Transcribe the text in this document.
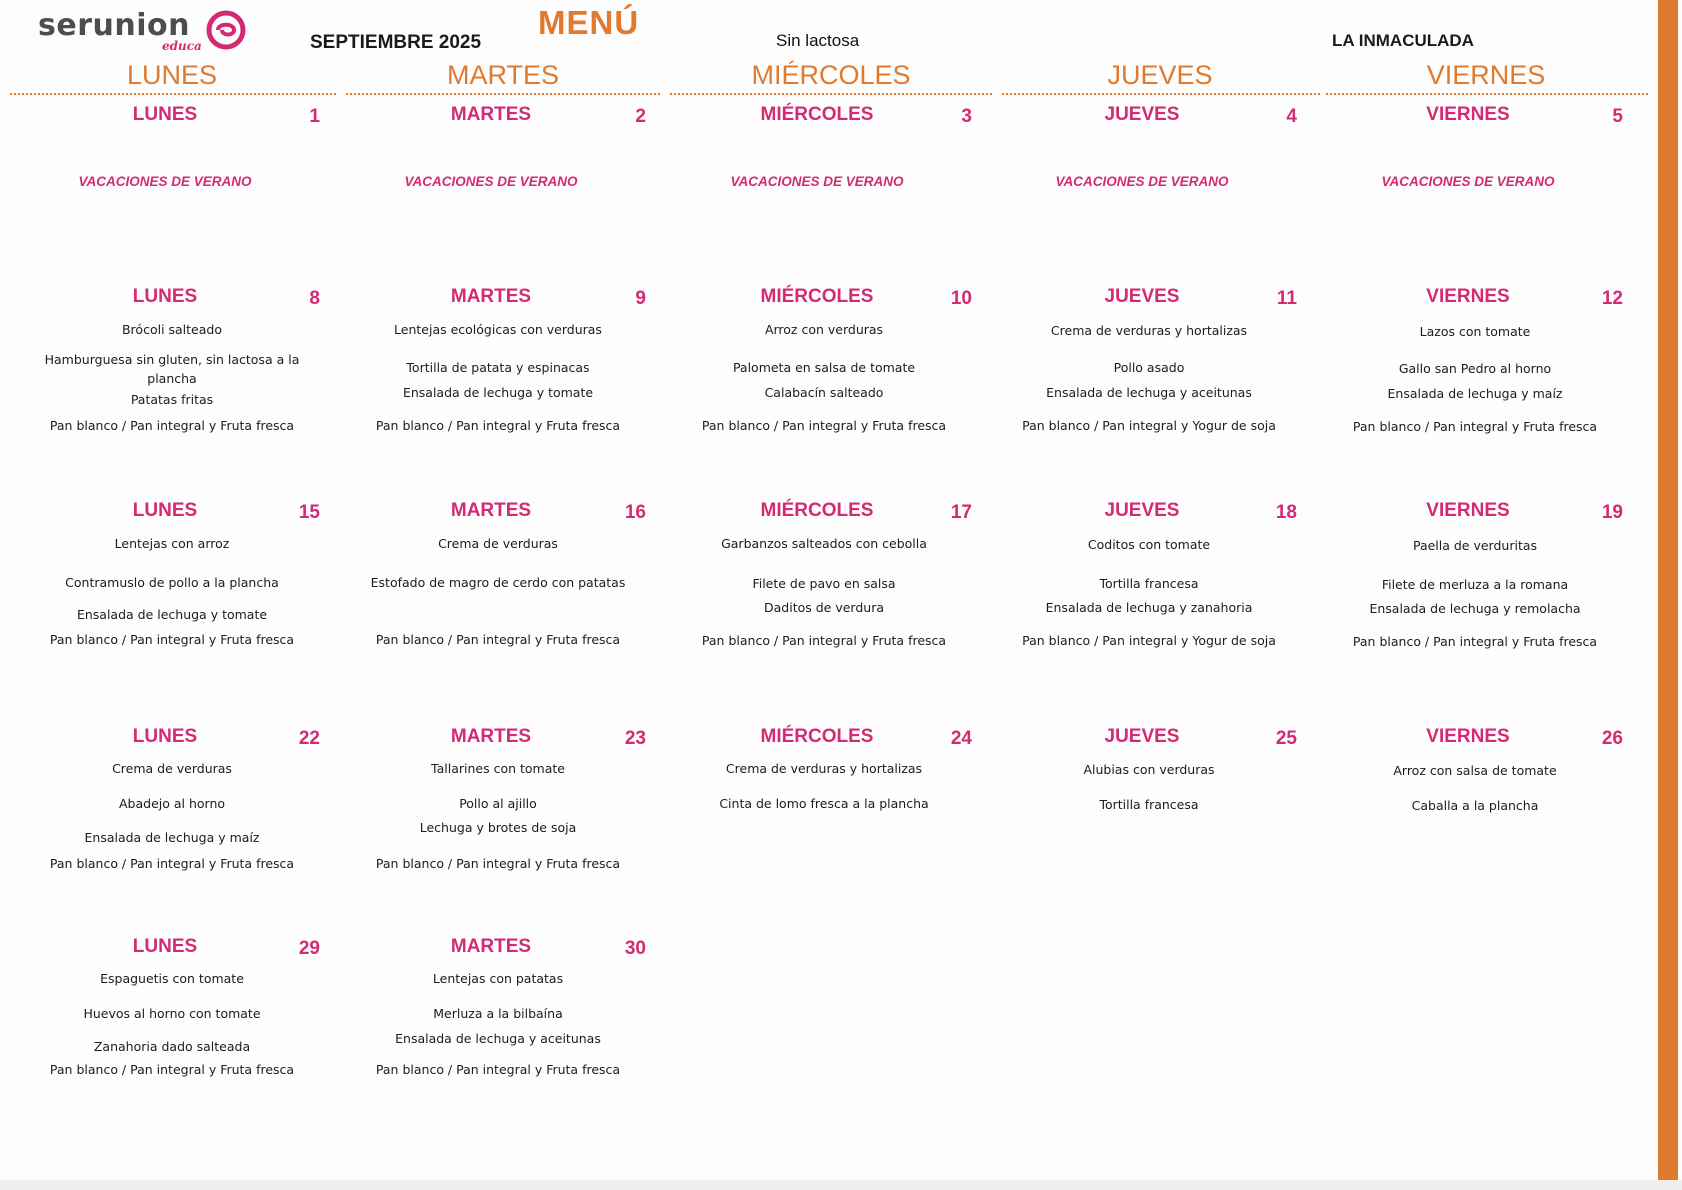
serunion
educa
MENÚ
SEPTIEMBRE 2025	Sin lactosa	LA INMACULADA
LUNES	MARTES	MIÉRCOLES	JUEVES	VIERNES
LUNES	1
VACACIONES DE VERANO
MARTES	2
VACACIONES DE VERANO
MIÉRCOLES	3
VACACIONES DE VERANO
JUEVES	4
VACACIONES DE VERANO
VIERNES	5
VACACIONES DE VERANO
LUNES	8
Brócoli salteado
Hamburguesa sin gluten, sin lactosa a la plancha
Patatas fritas
Pan blanco / Pan integral y Fruta fresca
MARTES	9
Lentejas ecológicas con verduras
Tortilla de patata y espinacas
Ensalada de lechuga y tomate
Pan blanco / Pan integral y Fruta fresca
MIÉRCOLES	10
Arroz con verduras
Palometa en salsa de tomate
Calabacín salteado
Pan blanco / Pan integral y Fruta fresca
JUEVES	11
Crema de verduras y hortalizas
Pollo asado
Ensalada de lechuga y aceitunas
Pan blanco / Pan integral y Yogur de soja
VIERNES	12
Lazos con tomate
Gallo san Pedro al horno
Ensalada de lechuga y maíz
Pan blanco / Pan integral y Fruta fresca
LUNES	15
Lentejas con arroz
Contramuslo de pollo a la plancha
Ensalada de lechuga y tomate
Pan blanco / Pan integral y Fruta fresca
MARTES	16
Crema de verduras
Estofado de magro de cerdo con patatas
Pan blanco / Pan integral y Fruta fresca
MIÉRCOLES	17
Garbanzos salteados con cebolla
Filete de pavo en salsa
Daditos de verdura
Pan blanco / Pan integral y Fruta fresca
JUEVES	18
Coditos con tomate
Tortilla francesa
Ensalada de lechuga y zanahoria
Pan blanco / Pan integral y Yogur de soja
VIERNES	19
Paella de verduritas
Filete de merluza a la romana
Ensalada de lechuga y remolacha
Pan blanco / Pan integral y Fruta fresca
LUNES	22
Crema de verduras
Abadejo al horno
Ensalada de lechuga y maíz
Pan blanco / Pan integral y Fruta fresca
MARTES	23
Tallarines con tomate
Pollo al ajillo
Lechuga y brotes de soja
Pan blanco / Pan integral y Fruta fresca
MIÉRCOLES	24
Crema de verduras y hortalizas
Cinta de lomo fresca a la plancha
JUEVES	25
Alubias con verduras
Tortilla francesa
VIERNES	26
Arroz con salsa de tomate
Caballa a la plancha
LUNES	29
Espaguetis con tomate
Huevos al horno con tomate
Zanahoria dado salteada
Pan blanco / Pan integral y Fruta fresca
MARTES	30
Lentejas con patatas
Merluza a la bilbaína
Ensalada de lechuga y aceitunas
Pan blanco / Pan integral y Fruta fresca
